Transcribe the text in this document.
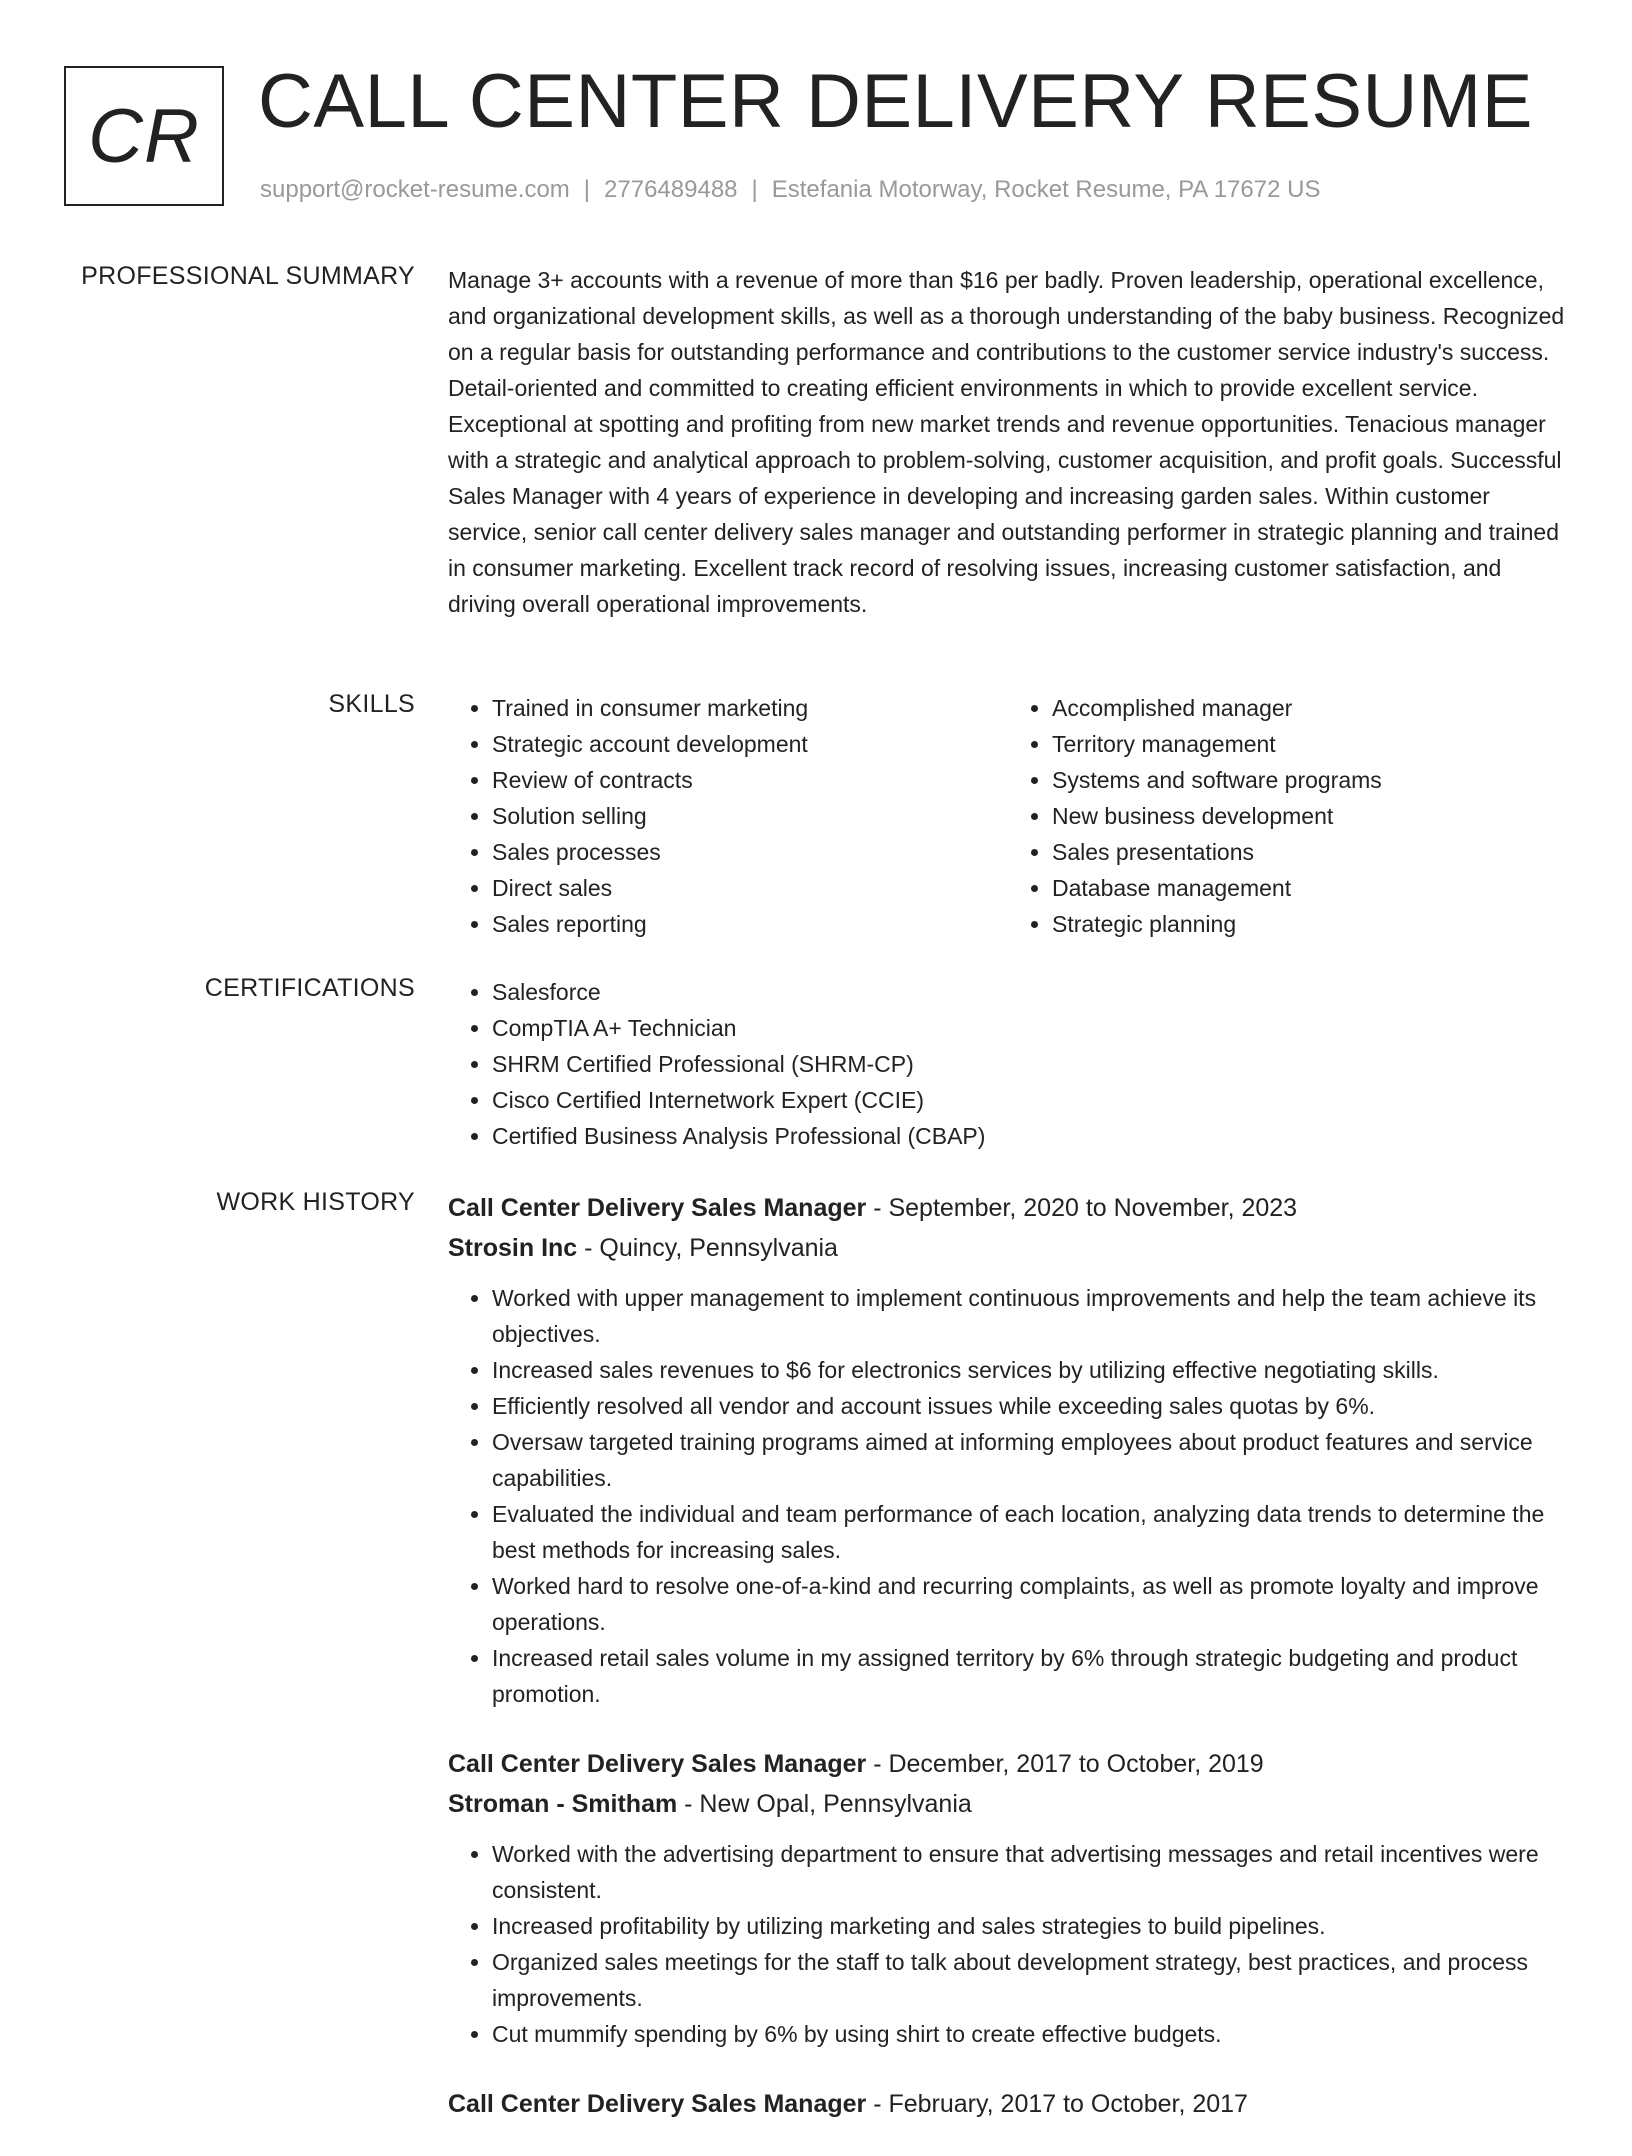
CR CALL CENTER DELIVERY RESUME
support@rocket-resume.com | 2776489488 | Estefania Motorway, Rocket Resume, PA 17672 US
PROFESSIONAL SUMMARY Manage 3+ accounts with a revenue of more than $16 per badly. Proven leadership, operational excellence, and organizational development skills, as well as a thorough understanding of the baby business. Recognized on a regular basis for outstanding performance and contributions to the customer service industry's success. Detail-oriented and committed to creating efficient environments in which to provide excellent service. Exceptional at spotting and profiting from new market trends and revenue opportunities. Tenacious manager with a strategic and analytical approach to problem-solving, customer acquisition, and profit goals. Successful Sales Manager with 4 years of experience in developing and increasing garden sales. Within customer service, senior call center delivery sales manager and outstanding performer in strategic planning and trained in consumer marketing. Excellent track record of resolving issues, increasing customer satisfaction, and driving overall operational improvements.

SKILLS	• Trained in consumer marketing
• Strategic account development
• Review of contracts
• Solution selling
• Sales processes
• Direct sales
• Sales reporting
• Accomplished manager
• Territory management
• Systems and software programs
• New business development
• Sales presentations
• Database management
• Strategic planning
CERTIFICATIONS	• Salesforce
• CompTIA A+ Technician
• SHRM Certified Professional (SHRM-CP)
• Cisco Certified Internetwork Expert (CCIE)
• Certified Business Analysis Professional (CBAP)
WORK HISTORY Call Center Delivery Sales Manager - September, 2020 to November, 2023
Strosin Inc - Quincy, Pennsylvania
• Worked with upper management to implement continuous improvements and help the team achieve its objectives.
• Increased sales revenues to $6 for electronics services by utilizing effective negotiating skills.
• Efficiently resolved all vendor and account issues while exceeding sales quotas by 6%.
• Oversaw targeted training programs aimed at informing employees about product features and service capabilities.
• Evaluated the individual and team performance of each location, analyzing data trends to determine the best methods for increasing sales.
• Worked hard to resolve one-of-a-kind and recurring complaints, as well as promote loyalty and improve operations.
• Increased retail sales volume in my assigned territory by 6% through strategic budgeting and product promotion.
Call Center Delivery Sales Manager - December, 2017 to October, 2019
Stroman - Smitham - New Opal, Pennsylvania
• Worked with the advertising department to ensure that advertising messages and retail incentives were consistent.
• Increased profitability by utilizing marketing and sales strategies to build pipelines.
• Organized sales meetings for the staff to talk about development strategy, best practices, and process improvements.
• Cut mummify spending by 6% by using shirt to create effective budgets.
Call Center Delivery Sales Manager - February, 2017 to October, 2017
